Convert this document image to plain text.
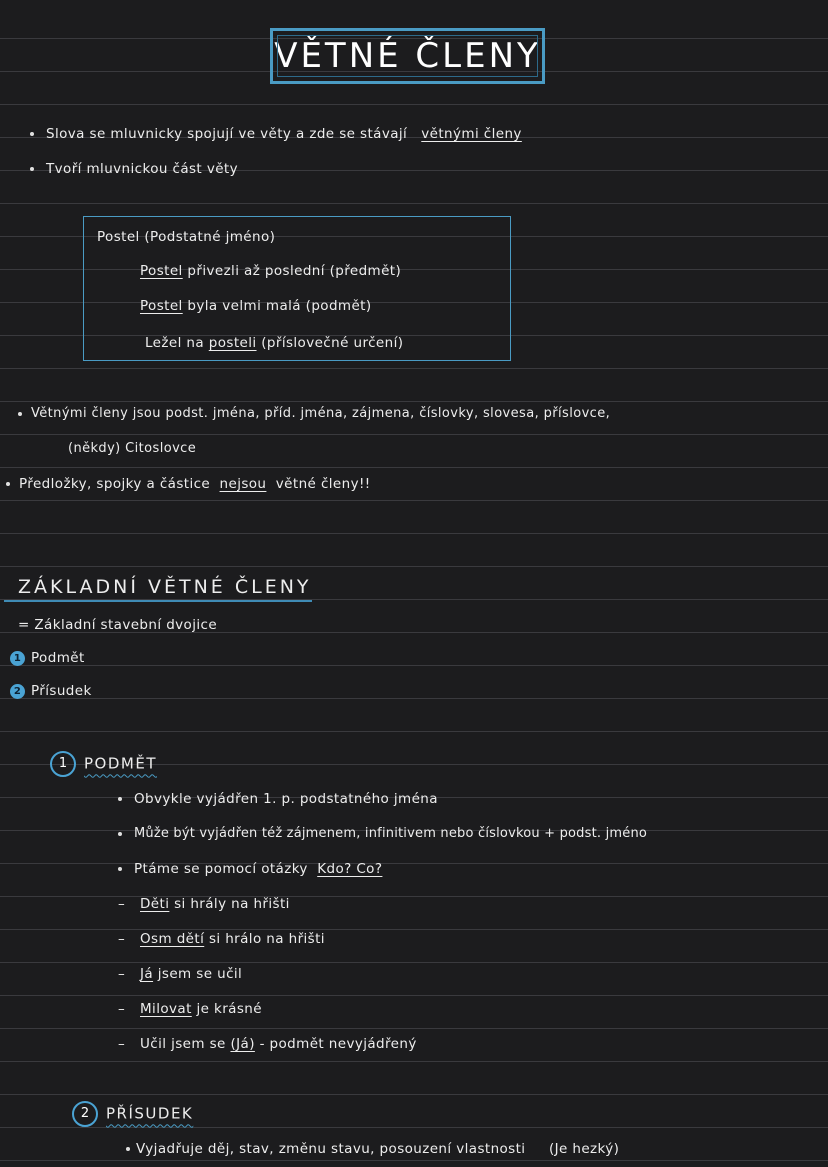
VĚTNÉ ČLENY
Slova se mluvnicky spojují ve věty a zde se stávají větnými členy
Tvoří mluvnickou část věty
Postel (Podstatné jméno)
Postel přivezli až poslední (předmět)
Postel byla velmi malá (podmět)
Ležel na posteli (příslovečné určení)
Větnými členy jsou podst. jména, příd. jména, zájmena, číslovky, slovesa, příslovce,
(někdy) Citoslovce
Předložky, spojky a částice nejsou větné členy!!
ZÁKLADNÍ VĚTNÉ ČLENY
= Základní stavební dvojice
1 Podmět
2 Přísudek
1 PODMĚT
Obvykle vyjádřen 1. p. podstatného jména
Může být vyjádřen též zájmenem, infinitivem nebo číslovkou + podst. jméno
Ptáme se pomocí otázky Kdo? Co?
– Děti si hrály na hřišti
– Osm dětí si hrálo na hřišti
– Já jsem se učil
– Milovat je krásné
– Učil jsem se (Já) - podmět nevyjádřený
2 PŘÍSUDEK
Vyjadřuje děj, stav, změnu stavu, posouzení vlastnosti (Je hezký)
